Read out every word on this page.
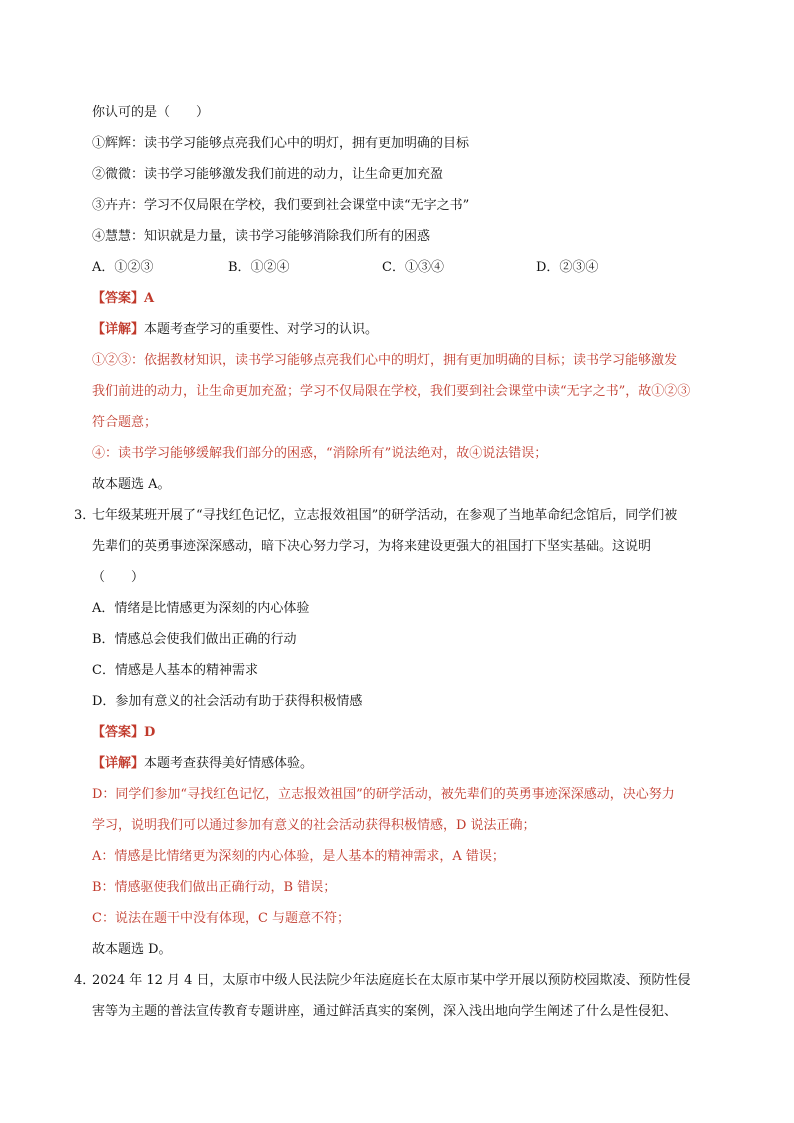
你认可的是（　　）
①辉辉：读书学习能够点亮我们心中的明灯，拥有更加明确的目标
②微微：读书学习能够激发我们前进的动力，让生命更加充盈
③卉卉：学习不仅局限在学校，我们要到社会课堂中读“无字之书”
④慧慧：知识就是力量，读书学习能够消除我们所有的困惑
A．①②③	B．①②④	C．①③④	D．②③④
【答案】A
【详解】本题考查学习的重要性、对学习的认识。
①②③：依据教材知识，读书学习能够点亮我们心中的明灯，拥有更加明确的目标；读书学习能够激发
我们前进的动力，让生命更加充盈；学习不仅局限在学校，我们要到社会课堂中读“无字之书”，故①②③
符合题意；
④：读书学习能够缓解我们部分的困惑，“消除所有”说法绝对，故④说法错误；
故本题选 A。
3．
七年级某班开展了“寻找红色记忆，立志报效祖国”的研学活动，在参观了当地革命纪念馆后，同学们被
先辈们的英勇事迹深深感动，暗下决心努力学习，为将来建设更强大的祖国打下坚实基础。这说明
（　　）
A．情绪是比情感更为深刻的内心体验
B．情感总会使我们做出正确的行动
C．情感是人基本的精神需求
D．参加有意义的社会活动有助于获得积极情感
【答案】D
【详解】本题考查获得美好情感体验。
D：同学们参加“寻找红色记忆，立志报效祖国”的研学活动，被先辈们的英勇事迹深深感动，决心努力
学习，说明我们可以通过参加有意义的社会活动获得积极情感，D 说法正确；
A：情感是比情绪更为深刻的内心体验，是人基本的精神需求，A 错误；
B：情感驱使我们做出正确行动，B 错误；
C：说法在题干中没有体现，C 与题意不符；
故本题选 D。
4．
2024 年 12 月 4 日，太原市中级人民法院少年法庭庭长在太原市某中学开展以预防校园欺凌、预防性侵
害等为主题的普法宣传教育专题讲座，通过鲜活真实的案例，深入浅出地向学生阐述了什么是性侵犯、
